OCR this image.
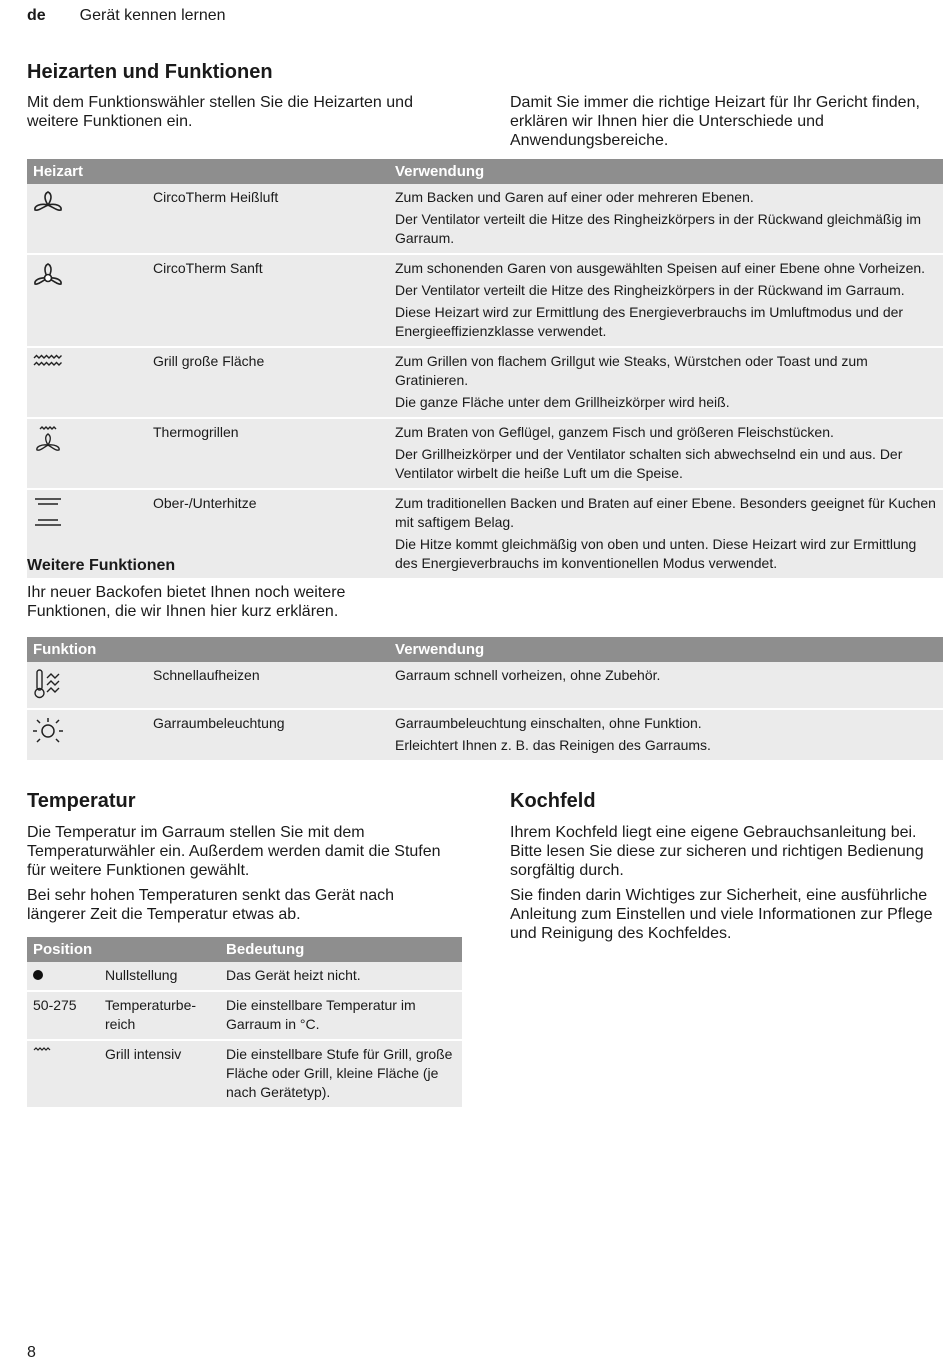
de Gerät kennen lernen
Heizarten und Funktionen

Mit dem Funktionswähler stellen Sie die Heizarten und weitere Funktionen ein.

Damit Sie immer die richtige Heizart für Ihr Gericht finden, erklären wir Ihnen hier die Unterschiede und Anwendungsbereiche.

Heizart		Verwendung

	CircoTherm Heißluft	Zum Backen und Garen auf einer oder mehreren Ebenen.
Der Ventilator verteilt die Hitze des Ringheizkörpers in der Rückwand gleichmäßig im Garraum.

	CircoTherm Sanft	Zum schonenden Garen von ausgewählten Speisen auf einer Ebene ohne Vorheizen.
Der Ventilator verteilt die Hitze des Ringheizkörpers in der Rückwand im Garraum.
Diese Heizart wird zur Ermittlung des Energieverbrauchs im Umluftmodus und der Energieeffizienzklasse verwendet.

	Grill große Fläche	Zum Grillen von flachem Grillgut wie Steaks, Würstchen oder Toast und zum Gratinieren.
Die ganze Fläche unter dem Grillheizkörper wird heiß.

	Thermogrillen	Zum Braten von Geflügel, ganzem Fisch und größeren Fleischstücken.
Der Grillheizkörper und der Ventilator schalten sich abwechselnd ein und aus. Der Ventilator wirbelt die heiße Luft um die Speise.

	Ober-/Unterhitze	Zum traditionellen Backen und Braten auf einer Ebene. Besonders geeignet für Kuchen mit saftigem Belag.
Die Hitze kommt gleichmäßig von oben und unten. Diese Heizart wird zur Ermittlung des Energieverbrauchs im konventionellen Modus verwendet.
Weitere Funktionen

Ihr neuer Backofen bietet Ihnen noch weitere Funktionen, die wir Ihnen hier kurz erklären.

Funktion		Verwendung

	Schnellaufheizen	Garraum schnell vorheizen, ohne Zubehör.

	Garraumbeleuchtung	Garraumbeleuchtung einschalten, ohne Funktion.
Erleichtert Ihnen z. B. das Reinigen des Garraums.
Temperatur

Die Temperatur im Garraum stellen Sie mit dem Temperaturwähler ein. Außerdem werden damit die Stufen für weitere Funktionen gewählt.

Bei sehr hohen Temperaturen senkt das Gerät nach längerer Zeit die Temperatur etwas ab.

Position		Bedeutung
	Nullstellung	Das Gerät heizt nicht.
50-275	Temperaturbe-reich	Die einstellbare Temperatur im Garraum in °C.

	Grill intensiv	Die einstellbare Stufe für Grill, große Fläche oder Grill, kleine Fläche (je nach Gerätetyp).
Kochfeld

Ihrem Kochfeld liegt eine eigene Gebrauchsanleitung bei. Bitte lesen Sie diese zur sicheren und richtigen Bedienung sorgfältig durch.

Sie finden darin Wichtiges zur Sicherheit, eine ausführliche Anleitung zum Einstellen und viele Informationen zur Pflege und Reinigung des Kochfeldes.

8
